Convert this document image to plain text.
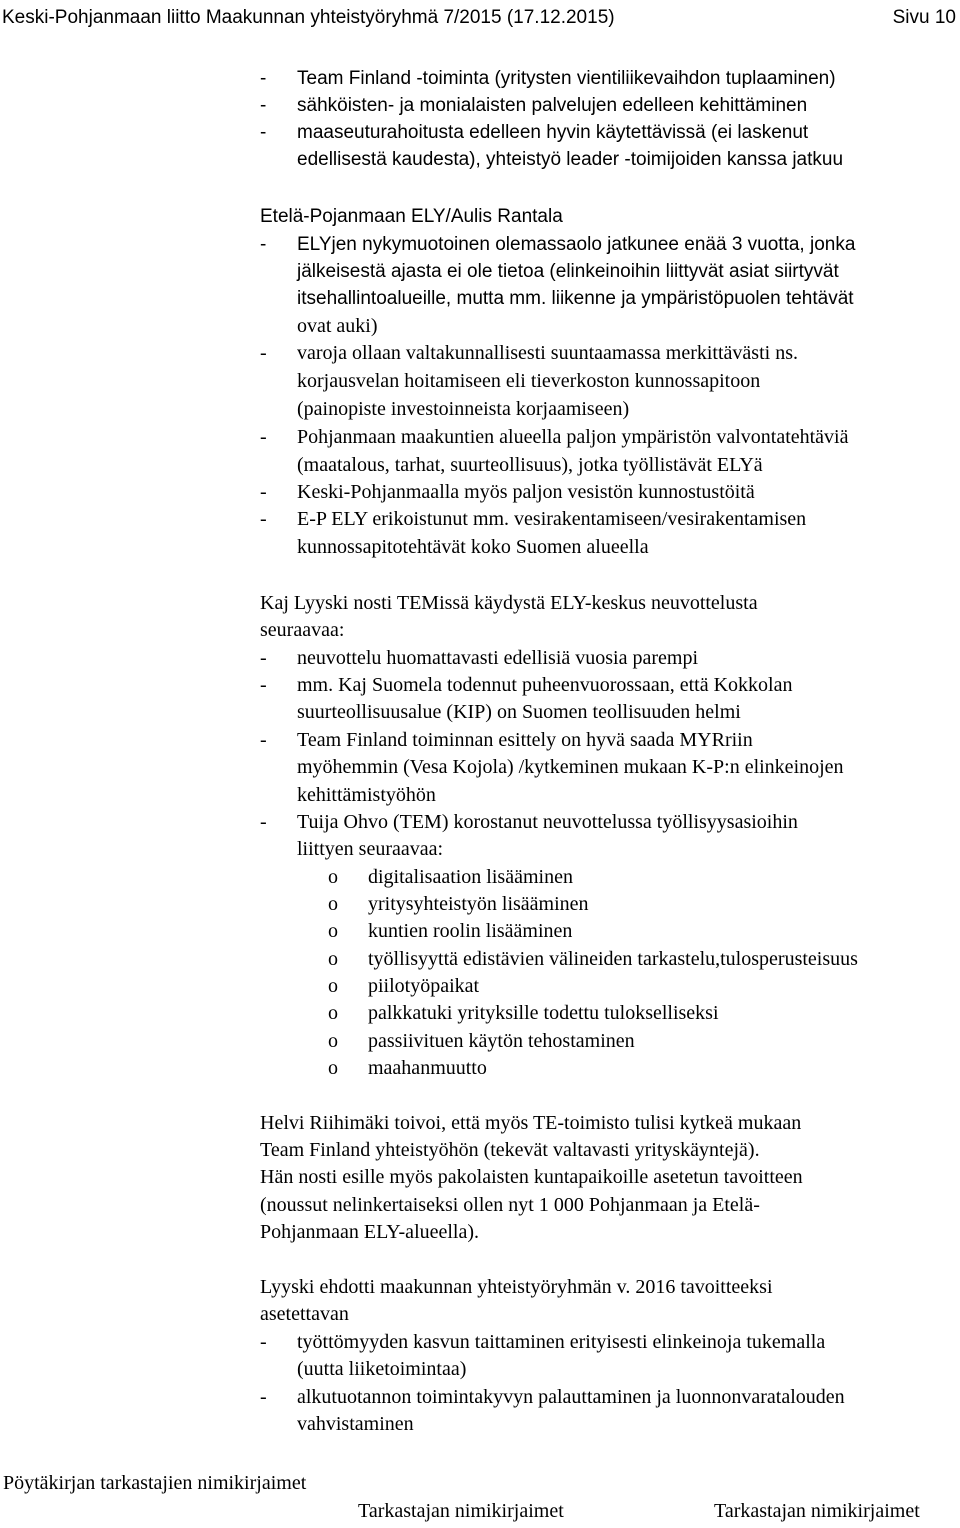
Keski-Pohjanmaan liitto Maakunnan yhteistyöryhmä 7/2015 (17.12.2015)	Sivu 10
- Team Finland -toiminta (yritysten vientiliikevaihdon tuplaaminen)
- sähköisten- ja monialaisten palvelujen edelleen kehittäminen
- maaseuturahoitusta edelleen hyvin käytettävissä (ei laskenut
edellisestä kaudesta), yhteistyö leader -toimijoiden kanssa jatkuu
Etelä-Pojanmaan ELY/Aulis Rantala
- ELYjen nykymuotoinen olemassaolo jatkunee enää 3 vuotta, jonka
jälkeisestä ajasta ei ole tietoa (elinkeinoihin liittyvät asiat siirtyvät
itsehallintoalueille, mutta mm. liikenne ja ympäristöpuolen tehtävät
ovat auki)
- varoja ollaan valtakunnallisesti suuntaamassa merkittävästi ns.
korjausvelan hoitamiseen eli tieverkoston kunnossapitoon
(painopiste investoinneista korjaamiseen)
- Pohjanmaan maakuntien alueella paljon ympäristön valvontatehtäviä
(maatalous, tarhat, suurteollisuus), jotka työllistävät ELYä
- Keski-Pohjanmaalla myös paljon vesistön kunnostustöitä
- E-P ELY erikoistunut mm. vesirakentamiseen/vesirakentamisen
kunnossapitotehtävät koko Suomen alueella
Kaj Lyyski nosti TEMissä käydystä ELY-keskus neuvottelusta
seuraavaa:
- neuvottelu huomattavasti edellisiä vuosia parempi
- mm. Kaj Suomela todennut puheenvuorossaan, että Kokkolan
suurteollisuusalue (KIP) on Suomen teollisuuden helmi
- Team Finland toiminnan esittely on hyvä saada MYRriin
myöhemmin (Vesa Kojola) /kytkeminen mukaan K-P:n elinkeinojen
kehittämistyöhön
- Tuija Ohvo (TEM) korostanut neuvottelussa työllisyysasioihin
liittyen seuraavaa:
o digitalisaation lisääminen
o yritysyhteistyön lisääminen
o kuntien roolin lisääminen
o työllisyyttä edistävien välineiden tarkastelu,tulosperusteisuus
o piilotyöpaikat
o palkkatuki yrityksille todettu tulokselliseksi
o passiivituen käytön tehostaminen
o maahanmuutto
Helvi Riihimäki toivoi, että myös TE-toimisto tulisi kytkeä mukaan
Team Finland yhteistyöhön (tekevät valtavasti yrityskäyntejä).
Hän nosti esille myös pakolaisten kuntapaikoille asetetun tavoitteen
(noussut nelinkertaiseksi ollen nyt 1 000 Pohjanmaan ja Etelä-
Pohjanmaan ELY-alueella).
Lyyski ehdotti maakunnan yhteistyöryhmän v. 2016 tavoitteeksi
asetettavan
- työttömyyden kasvun taittaminen erityisesti elinkeinoja tukemalla
(uutta liiketoimintaa)
- alkutuotannon toimintakyvyn palauttaminen ja luonnonvaratalouden
vahvistaminen
Pöytäkirjan tarkastajien nimikirjaimet
Tarkastajan nimikirjaimet	Tarkastajan nimikirjaimet
